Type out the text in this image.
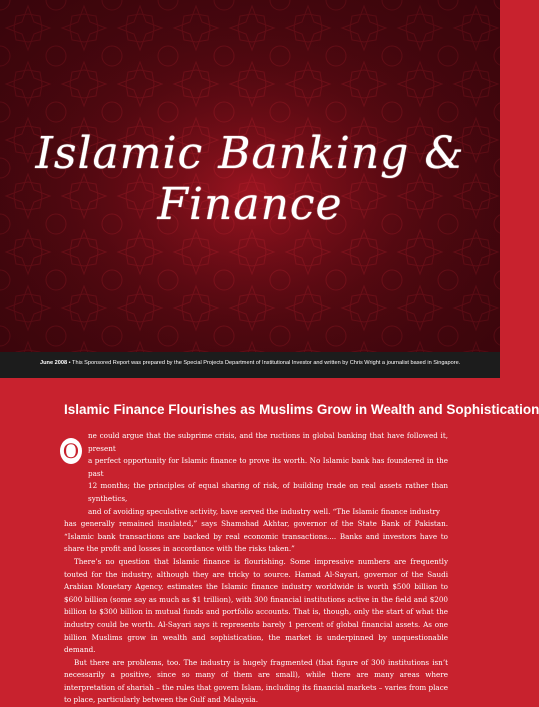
Islamic Banking & Finance
June 2008 • This Sponsored Report was prepared by the Special Projects Department of Institutional Investor and written by Chris Wright a journalist based in Singapore.
Islamic Finance Flourishes as Muslims Grow in Wealth and Sophistication
O

ne could argue that the subprime crisis, and the ructions in global banking that have followed it, present
a perfect opportunity for Islamic finance to prove its worth. No Islamic bank has foundered in the past
12 months; the principles of equal sharing of risk, of building trade on real assets rather than synthetics,
and of avoiding speculative activity, have served the industry well. “The Islamic finance industry
has generally remained insulated,” says Shamshad Akhtar, governor of the State Bank of Pakistan. “Islamic bank transactions are backed by real economic transactions.... Banks and investors have to share the profit and losses in accordance with the risks taken.”

There’s no question that Islamic finance is flourishing. Some impressive numbers are frequently touted for the industry, although they are tricky to source. Hamad Al-Sayari, governor of the Saudi Arabian Monetary Agency, estimates the Islamic finance industry worldwide is worth $500 billion to $600 billion (some say as much as $1 trillion), with 300 financial institutions active in the field and $200 billion to $300 billion in mutual funds and portfolio accounts. That is, though, only the start of what the industry could be worth. Al-Sayari says it represents barely 1 percent of global financial assets. As one billion Muslims grow in wealth and sophistication, the market is underpinned by unquestionable demand.

But there are problems, too. The industry is hugely fragmented (that figure of 300 institutions isn’t necessarily a positive, since so many of them are small), while there are many areas where interpretation of shariah – the rules that govern Islam, including its financial markets – varies from place to place, particularly between the Gulf and Malaysia.
